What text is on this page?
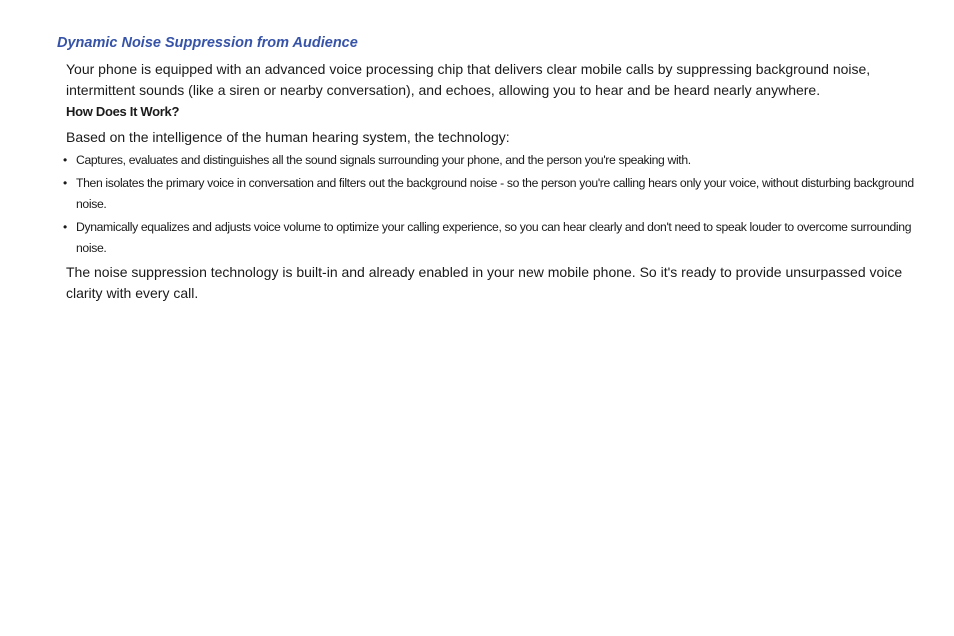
Dynamic Noise Suppression from Audience

Your phone is equipped with an advanced voice processing chip that delivers clear mobile calls by suppressing background noise, intermittent sounds (like a siren or nearby conversation), and echoes, allowing you to hear and be heard nearly anywhere.

How Does It Work?

Based on the intelligence of the human hearing system, the technology:

• Captures, evaluates and distinguishes all the sound signals surrounding your phone, and the person you're speaking with.
• Then isolates the primary voice in conversation and filters out the background noise - so the person you're calling hears only your voice, without disturbing background noise.
• Dynamically equalizes and adjusts voice volume to optimize your calling experience, so you can hear clearly and don't need to speak louder to overcome surrounding noise.

The noise suppression technology is built-in and already enabled in your new mobile phone. So it's ready to provide unsurpassed voice clarity with every call.
